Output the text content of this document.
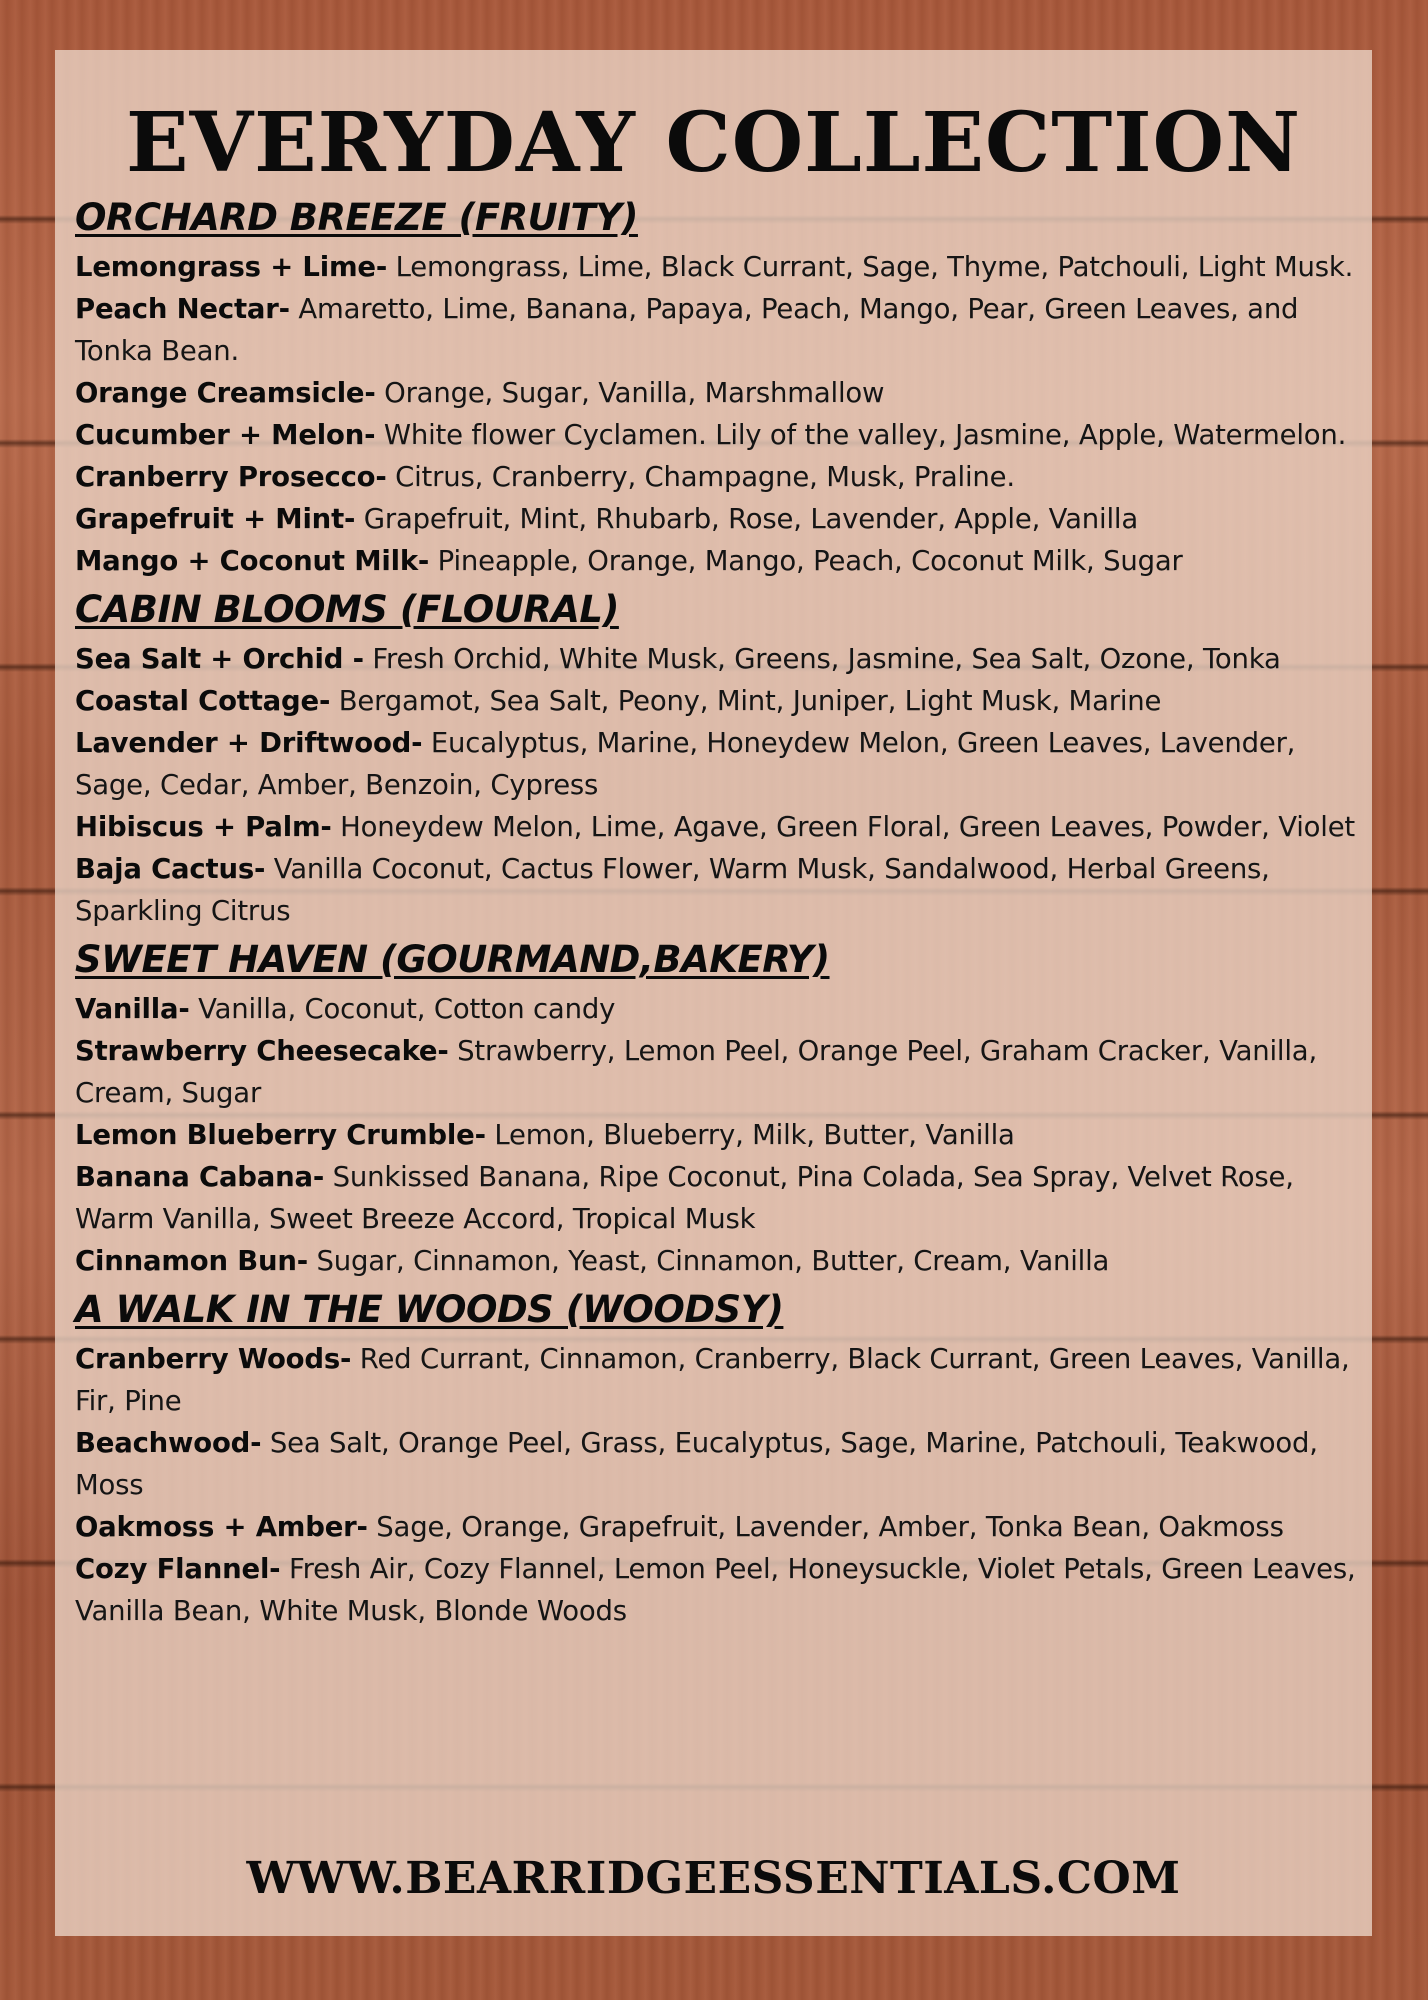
EVERYDAY COLLECTION
ORCHARD BREEZE (FRUITY)

Lemongrass + Lime- Lemongrass, Lime, Black Currant, Sage, Thyme, Patchouli, Light Musk.

Peach Nectar- Amaretto, Lime, Banana, Papaya, Peach, Mango, Pear, Green Leaves, and Tonka Bean.

Orange Creamsicle- Orange, Sugar, Vanilla, Marshmallow

Cucumber + Melon- White flower Cyclamen. Lily of the valley, Jasmine, Apple, Watermelon.

Cranberry Prosecco- Citrus, Cranberry, Champagne, Musk, Praline.

Grapefruit + Mint- Grapefruit, Mint, Rhubarb, Rose, Lavender, Apple, Vanilla

Mango + Coconut Milk- Pineapple, Orange, Mango, Peach, Coconut Milk, Sugar

CABIN BLOOMS (FLOURAL)

Sea Salt + Orchid - Fresh Orchid, White Musk, Greens, Jasmine, Sea Salt, Ozone, Tonka

Coastal Cottage- Bergamot, Sea Salt, Peony, Mint, Juniper, Light Musk, Marine

Lavender + Driftwood- Eucalyptus, Marine, Honeydew Melon, Green Leaves, Lavender, Sage, Cedar, Amber, Benzoin, Cypress

Hibiscus + Palm- Honeydew Melon, Lime, Agave, Green Floral, Green Leaves, Powder, Violet

Baja Cactus- Vanilla Coconut, Cactus Flower, Warm Musk, Sandalwood, Herbal Greens, Sparkling Citrus

SWEET HAVEN (GOURMAND,BAKERY)

Vanilla- Vanilla, Coconut, Cotton candy

Strawberry Cheesecake- Strawberry, Lemon Peel, Orange Peel, Graham Cracker, Vanilla, Cream, Sugar

Lemon Blueberry Crumble- Lemon, Blueberry, Milk, Butter, Vanilla

Banana Cabana- Sunkissed Banana, Ripe Coconut, Pina Colada, Sea Spray, Velvet Rose, Warm Vanilla, Sweet Breeze Accord, Tropical Musk

Cinnamon Bun- Sugar, Cinnamon, Yeast, Cinnamon, Butter, Cream, Vanilla

A WALK IN THE WOODS (WOODSY)

Cranberry Woods- Red Currant, Cinnamon, Cranberry, Black Currant, Green Leaves, Vanilla, Fir, Pine

Beachwood- Sea Salt, Orange Peel, Grass, Eucalyptus, Sage, Marine, Patchouli, Teakwood, Moss

Oakmoss + Amber- Sage, Orange, Grapefruit, Lavender, Amber, Tonka Bean, Oakmoss

Cozy Flannel- Fresh Air, Cozy Flannel, Lemon Peel, Honeysuckle, Violet Petals, Green Leaves, Vanilla Bean, White Musk, Blonde Woods

WWW.BEARRIDGEESSENTIALS.COM
